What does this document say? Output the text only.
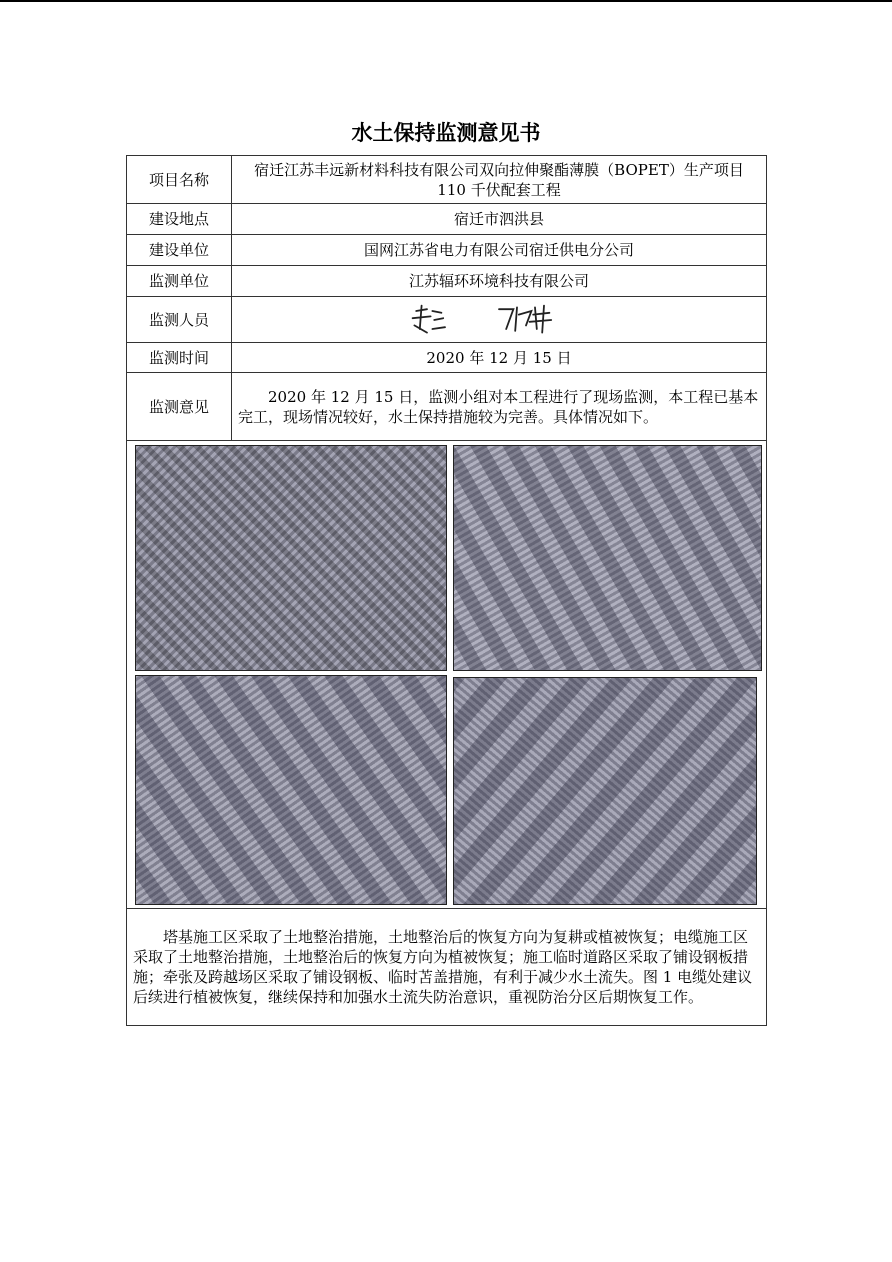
水土保持监测意见书
项目名称	宿迁江苏丰远新材料科技有限公司双向拉伸聚酯薄膜（BOPET）生产项目 110 千伏配套工程
建设地点	宿迁市泗洪县
建设单位	国网江苏省电力有限公司宿迁供电分公司
监测单位	江苏辐环环境科技有限公司
监测人员	

监测时间	2020 年 12 月 15 日
监测意见	2020 年 12 月 15 日，监测小组对本工程进行了现场监测，本工程已基本完工，现场情况较好，水土保持措施较为完善。具体情况如下。

塔基施工区采取了土地整治措施，土地整治后的恢复方向为复耕或植被恢复；电缆施工区采取了土地整治措施，土地整治后的恢复方向为植被恢复；施工临时道路区采取了铺设钢板措施；牵张及跨越场区采取了铺设钢板、临时苫盖措施，有利于减少水土流失。图 1 电缆处建议后续进行植被恢复，继续保持和加强水土流失防治意识，重视防治分区后期恢复工作。	
